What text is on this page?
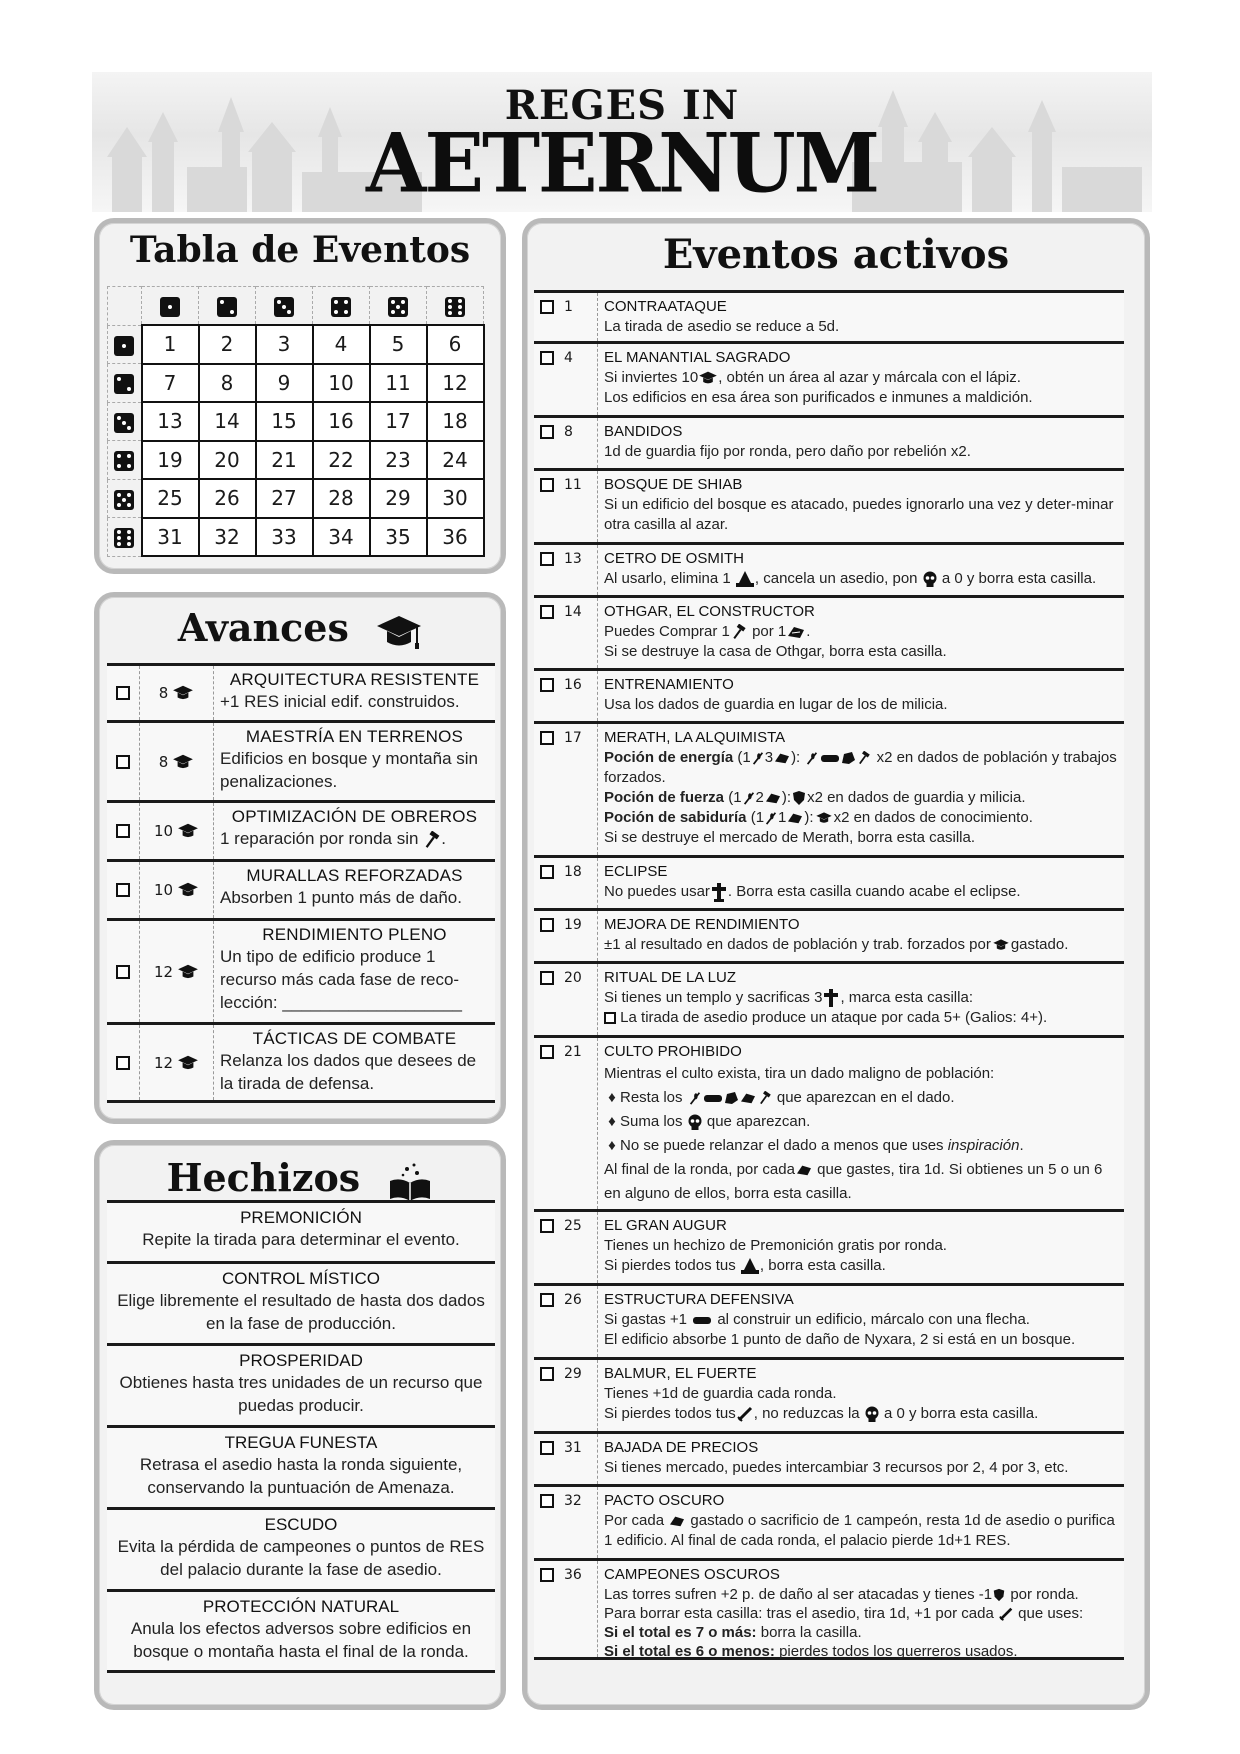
REGES IN
AETERNUM
Tabla de Eventos

	1	2	3	4	5	6

	7	8	9	10	11	12

	13	14	15	16	17	18

	19	20	21	22	23	24

	25	26	27	28	29	30

	31	32	33	34	35	36
Avances
8
ARQUITECTURA RESISTENTE
+1 RES inicial edif. construidos.
8
MAESTRÍA EN TERRENOS
Edificios en bosque y montaña sin penalizaciones.
10
OPTIMIZACIÓN DE OBREROS
1 reparación por ronda sin .
10
MURALLAS REFORZADAS
Absorben 1 punto más de daño.
12
RENDIMIENTO PLENO
Un tipo de edificio produce 1 recurso más cada fase de reco-lección: ___________________
12
TÁCTICAS DE COMBATE
Relanza los dados que desees de la tirada de defensa.
Hechizos
PREMONICIÓN
Repite la tirada para determinar el evento.
CONTROL MÍSTICO
Elige libremente el resultado de hasta dos dados en la fase de producción.
PROSPERIDAD
Obtienes hasta tres unidades de un recurso que puedas producir.
TREGUA FUNESTA
Retrasa el asedio hasta la ronda siguiente, conservando la puntuación de Amenaza.
ESCUDO
Evita la pérdida de campeones o puntos de RES del palacio durante la fase de asedio.
PROTECCIÓN NATURAL
Anula los efectos adversos sobre edificios en bosque o montaña hasta el final de la ronda.
Eventos activos
1	CONTRAATAQUE
La tirada de asedio se reduce a 5d.
4	EL MANANTIAL SAGRADO
Si inviertes 10 , obtén un área al azar y márcala con el lápiz.
Los edificios en esa área son purificados e inmunes a maldición.
8	BANDIDOS
1d de guardia fijo por ronda, pero daño por rebelión x2.
11	BOSQUE DE SHIAB
Si un edificio del bosque es atacado, puedes ignorarlo una vez y deter-minar otra casilla al azar.
13	CETRO DE OSMITH
Al usarlo, elimina 1 , cancela un asedio, pon a 0 y borra esta casilla.
14	OTHGAR, EL CONSTRUCTOR
Puedes Comprar 1 por 1 .
Si se destruye la casa de Othgar, borra esta casilla.
16	ENTRENAMIENTO
Usa los dados de guardia en lugar de los de milicia.
17	MERATH, LA ALQUIMISTA
Poción de energía (1 3 ):	x2 en dados de población y trabajos forzados.
Poción de fuerza (1 2 ): x2 en dados de guardia y milicia.
Poción de sabiduría (1 1 ): x2 en dados de conocimiento.
Si se destruye el mercado de Merath, borra esta casilla.
18	ECLIPSE
No puedes usar . Borra esta casilla cuando acabe el eclipse.
19	MEJORA DE RENDIMIENTO
±1 al resultado en dados de población y trab. forzados por gastado.
20	RITUAL DE LA LUZ
Si tienes un templo y sacrificas 3 , marca esta casilla:
La tirada de asedio produce un ataque por cada 5+ (Galios: 4+).
21	CULTO PROHIBIDO
Mientras el culto exista, tira un dado maligno de población:
♦ Resta los	que aparezcan en el dado.
♦ Suma los que aparezcan.
♦ No se puede relanzar el dado a menos que uses inspiración.
Al final de la ronda, por cada que gastes, tira 1d. Si obtienes un 5 o un 6 en alguno de ellos, borra esta casilla.
25	EL GRAN AUGUR
Tienes un hechizo de Premonición gratis por ronda.
Si pierdes todos tus , borra esta casilla.
26	ESTRUCTURA DEFENSIVA
Si gastas +1 al construir un edificio, márcalo con una flecha.
El edificio absorbe 1 punto de daño de Nyxara, 2 si está en un bosque.
29	BALMUR, EL FUERTE
Tienes +1d de guardia cada ronda.
Si pierdes todos tus , no reduzcas la a 0 y borra esta casilla.
31	BAJADA DE PRECIOS
Si tienes mercado, puedes intercambiar 3 recursos por 2, 4 por 3, etc.
32	PACTO OSCURO
Por cada gastado o sacrificio de 1 campeón, resta 1d de asedio o purifica 1 edificio. Al final de cada ronda, el palacio pierde 1d+1 RES.
36	CAMPEONES OSCUROS
Las torres sufren +2 p. de daño al ser atacadas y tienes -1 por ronda.
Para borrar esta casilla: tras el asedio, tira 1d, +1 por cada que uses:
Si el total es 7 o más: borra la casilla.
Si el total es 6 o menos: pierdes todos los guerreros usados.
